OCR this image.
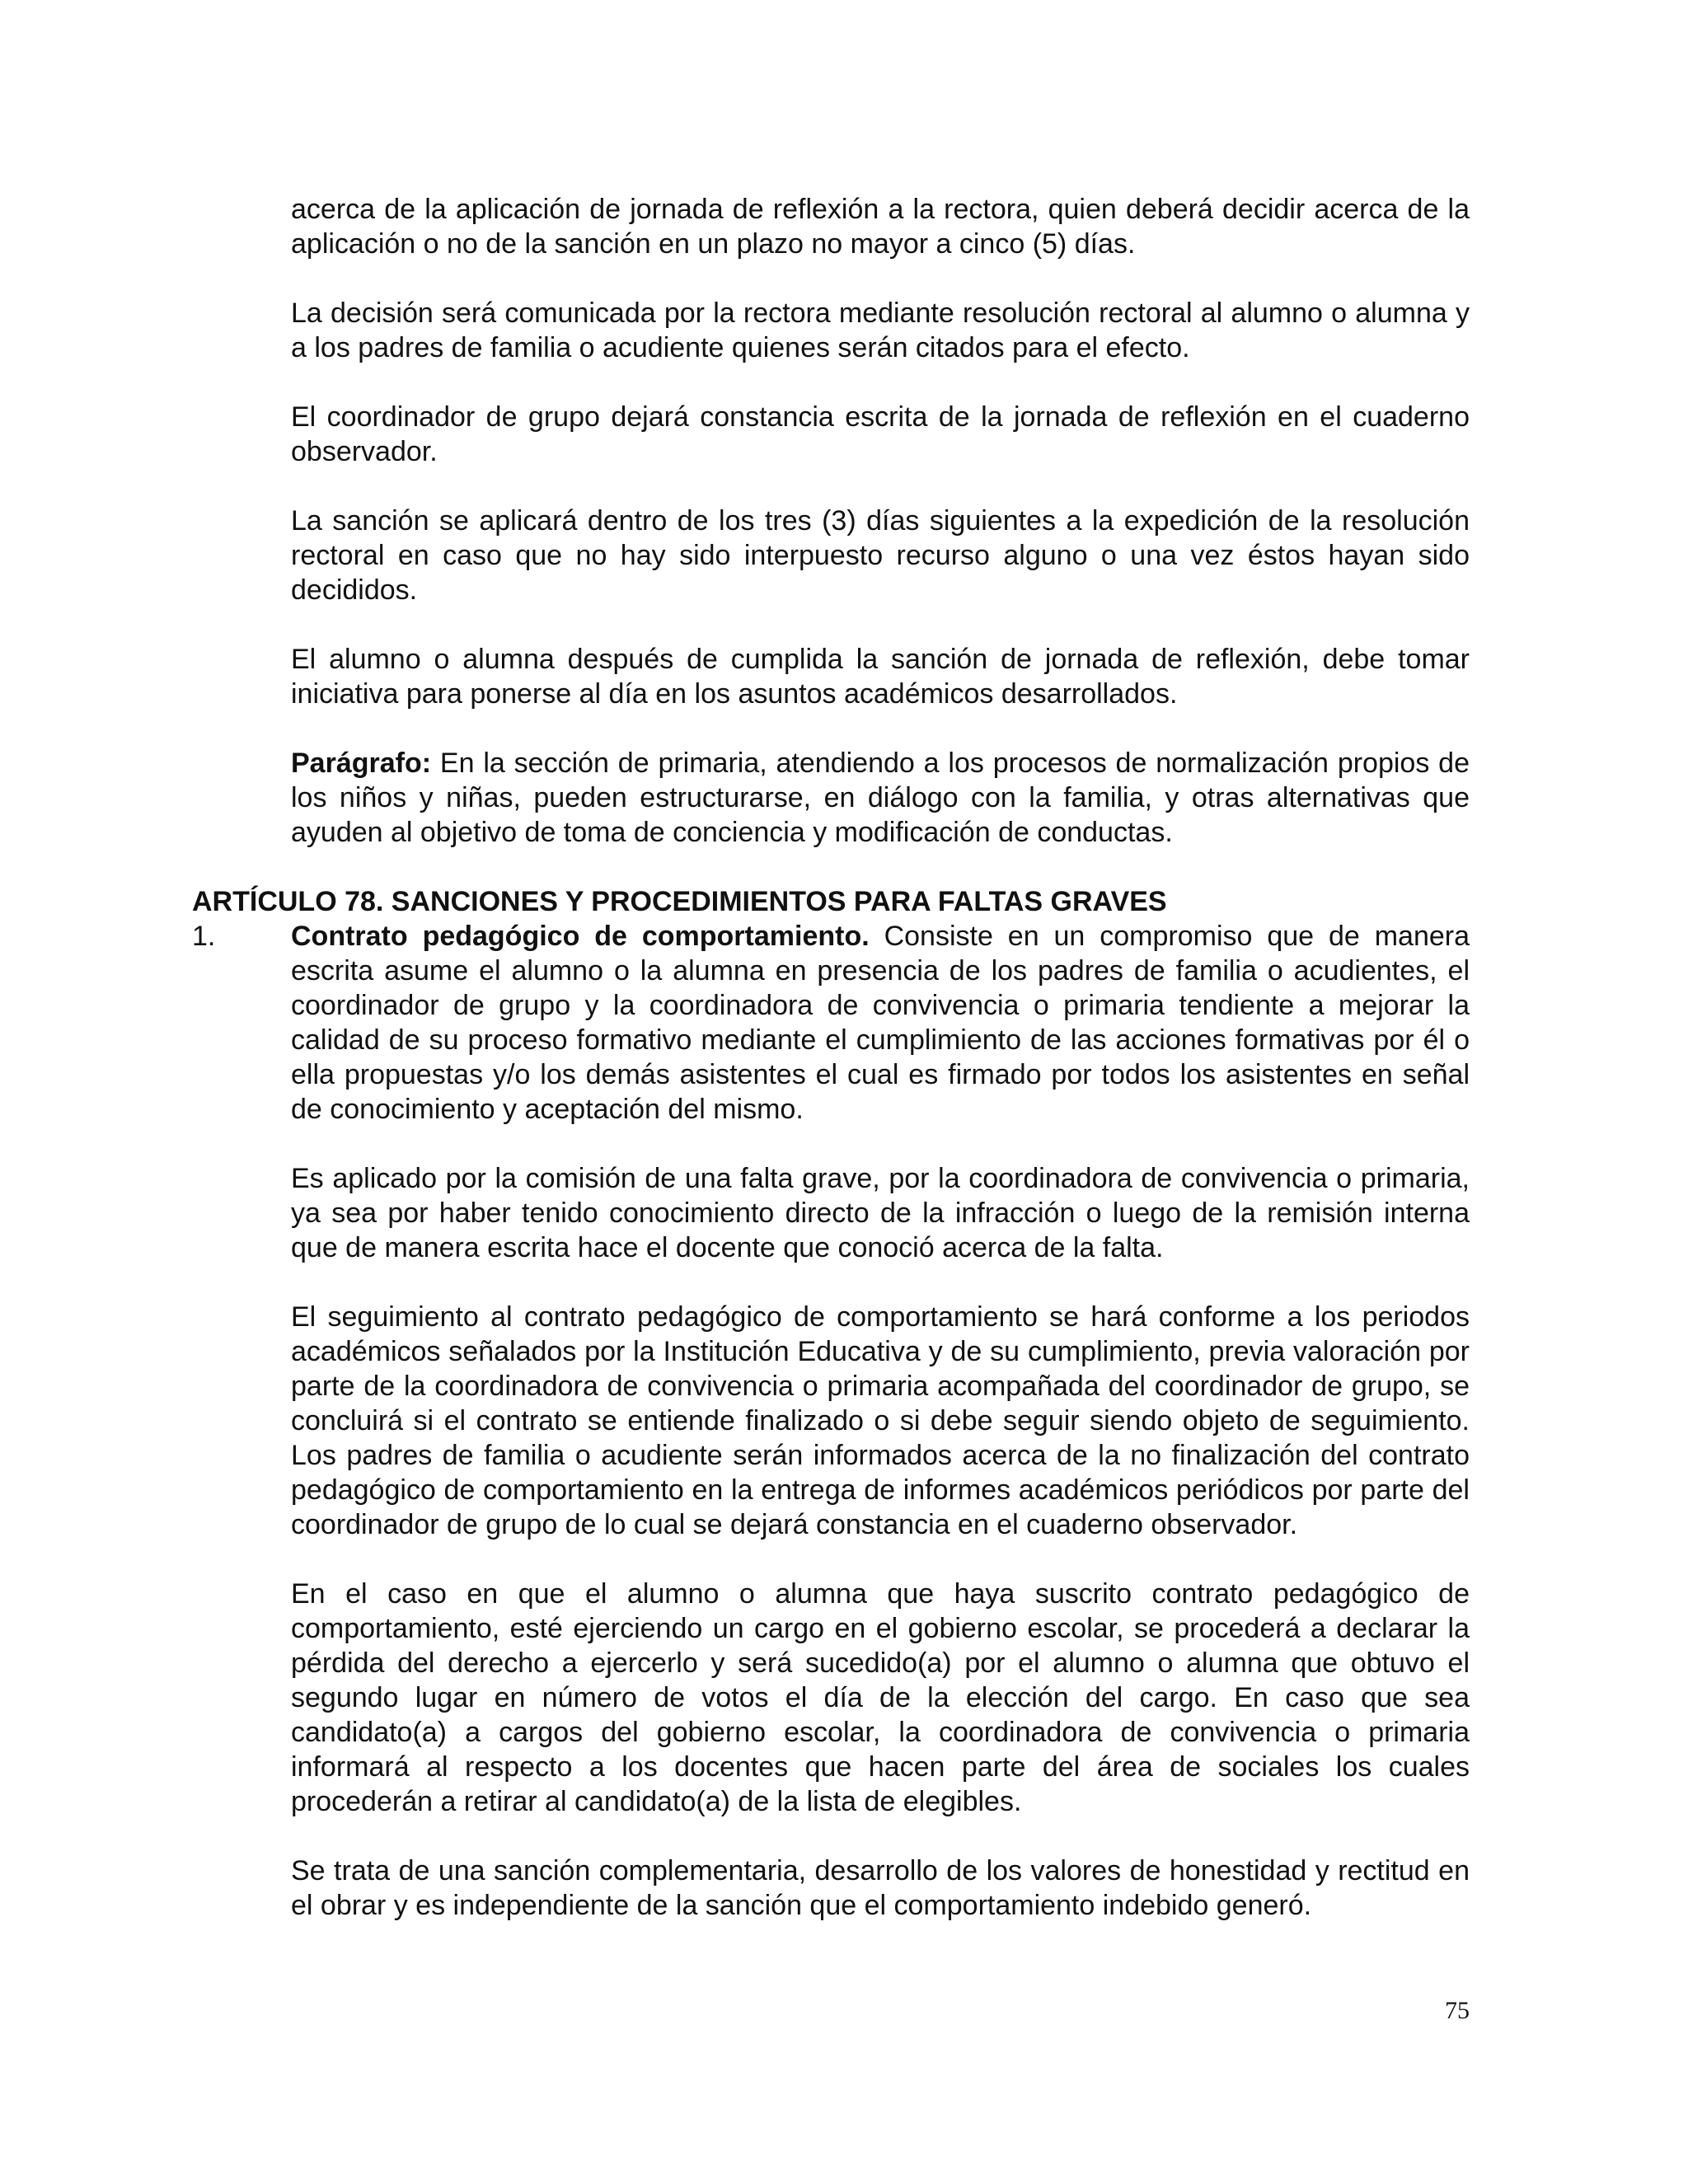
acerca de la aplicación de jornada de reflexión a la rectora, quien deberá decidir acerca de la aplicación o no de la sanción en un plazo no mayor a cinco (5) días.

La decisión será comunicada por la rectora mediante resolución rectoral al alumno o alumna y a los padres de familia o acudiente quienes serán citados para el efecto.

El coordinador de grupo dejará constancia escrita de la jornada de reflexión en el cuaderno observador.

La sanción se aplicará dentro de los tres (3) días siguientes a la expedición de la resolución rectoral en caso que no hay sido interpuesto recurso alguno o una vez éstos hayan sido decididos.

El alumno o alumna después de cumplida la sanción de jornada de reflexión, debe tomar iniciativa para ponerse al día en los asuntos académicos desarrollados.

Parágrafo: En la sección de primaria, atendiendo a los procesos de normalización propios de los niños y niñas, pueden estructurarse, en diálogo con la familia, y otras alternativas que ayuden al objetivo de toma de conciencia y modificación de conductas.

ARTÍCULO 78. SANCIONES Y PROCEDIMIENTOS PARA FALTAS GRAVES
1.	Contrato pedagógico de comportamiento. Consiste en un compromiso que de manera escrita asume el alumno o la alumna en presencia de los padres de familia o acudientes, el coordinador de grupo y la coordinadora de convivencia o primaria tendiente a mejorar la calidad de su proceso formativo mediante el cumplimiento de las acciones formativas por él o ella propuestas y/o los demás asistentes el cual es firmado por todos los asistentes en señal de conocimiento y aceptación del mismo.

Es aplicado por la comisión de una falta grave, por la coordinadora de convivencia o primaria, ya sea por haber tenido conocimiento directo de la infracción o luego de la remisión interna que de manera escrita hace el docente que conoció acerca de la falta.

El seguimiento al contrato pedagógico de comportamiento se hará conforme a los periodos académicos señalados por la Institución Educativa y de su cumplimiento, previa valoración por parte de la coordinadora de convivencia o primaria acompañada del coordinador de grupo, se concluirá si el contrato se entiende finalizado o si debe seguir siendo objeto de seguimiento. Los padres de familia o acudiente serán informados acerca de la no finalización del contrato pedagógico de comportamiento en la entrega de informes académicos periódicos por parte del coordinador de grupo de lo cual se dejará constancia en el cuaderno observador.

En el caso en que el alumno o alumna que haya suscrito contrato pedagógico de comportamiento, esté ejerciendo un cargo en el gobierno escolar, se procederá a declarar la pérdida del derecho a ejercerlo y será sucedido(a) por el alumno o alumna que obtuvo el segundo lugar en número de votos el día de la elección del cargo. En caso que sea candidato(a) a cargos del gobierno escolar, la coordinadora de convivencia o primaria informará al respecto a los docentes que hacen parte del área de sociales los cuales procederán a retirar al candidato(a) de la lista de elegibles.

Se trata de una sanción complementaria, desarrollo de los valores de honestidad y rectitud en el obrar y es independiente de la sanción que el comportamiento indebido generó.

75
